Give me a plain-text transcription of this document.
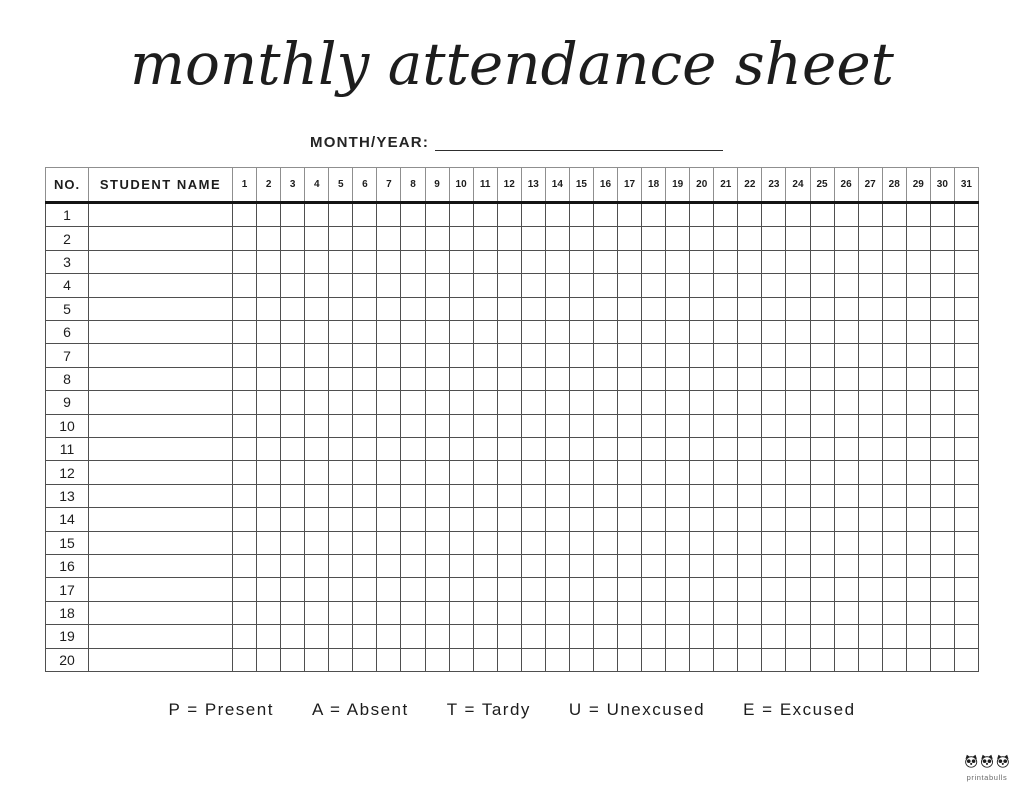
monthly attendance sheet
MONTH/YEAR:
NO.	STUDENT NAME	1	2	3	4	5	6	7	8	9	10	11	12	13	14	15	16	17	18	19	20	21	22	23	24	25	26	27	28	29	30	31
1																																
2																																
3																																
4																																
5																																
6																																
7																																
8																																
9																																
10																																
11																																
12																																
13																																
14																																
15																																
16																																
17																																
18																																
19																																
20																																
P = Present A = Absent T = Tardy U = Unexcused E = Excused
printabulls
